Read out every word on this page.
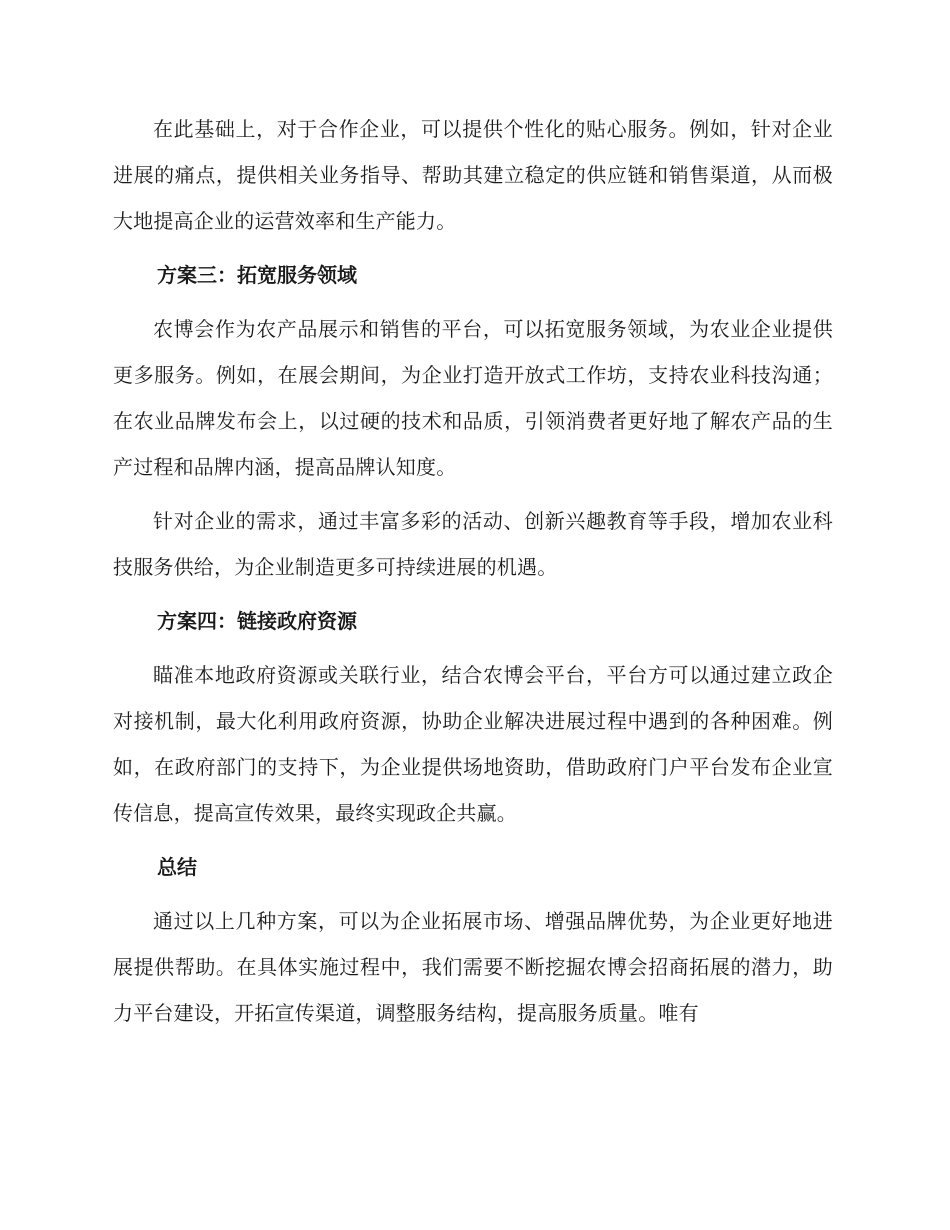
在此基础上，对于合作企业，可以提供个性化的贴心服务。例如，针对企业进展的痛点，提供相关业务指导、帮助其建立稳定的供应链和销售渠道，从而极大地提高企业的运营效率和生产能力。

方案三：拓宽服务领域

农博会作为农产品展示和销售的平台，可以拓宽服务领域，为农业企业提供更多服务。例如，在展会期间，为企业打造开放式工作坊，支持农业科技沟通；在农业品牌发布会上，以过硬的技术和品质，引领消费者更好地了解农产品的生产过程和品牌内涵，提高品牌认知度。

针对企业的需求，通过丰富多彩的活动、创新兴趣教育等手段，增加农业科技服务供给，为企业制造更多可持续进展的机遇。

方案四：链接政府资源

瞄准本地政府资源或关联行业，结合农博会平台，平台方可以通过建立政企对接机制，最大化利用政府资源，协助企业解决进展过程中遇到的各种困难。例如，在政府部门的支持下，为企业提供场地资助，借助政府门户平台发布企业宣传信息，提高宣传效果，最终实现政企共赢。

总结

通过以上几种方案，可以为企业拓展市场、增强品牌优势，为企业更好地进展提供帮助。在具体实施过程中，我们需要不断挖掘农博会招商拓展的潜力，助力平台建设，开拓宣传渠道，调整服务结构，提高服务质量。唯有
